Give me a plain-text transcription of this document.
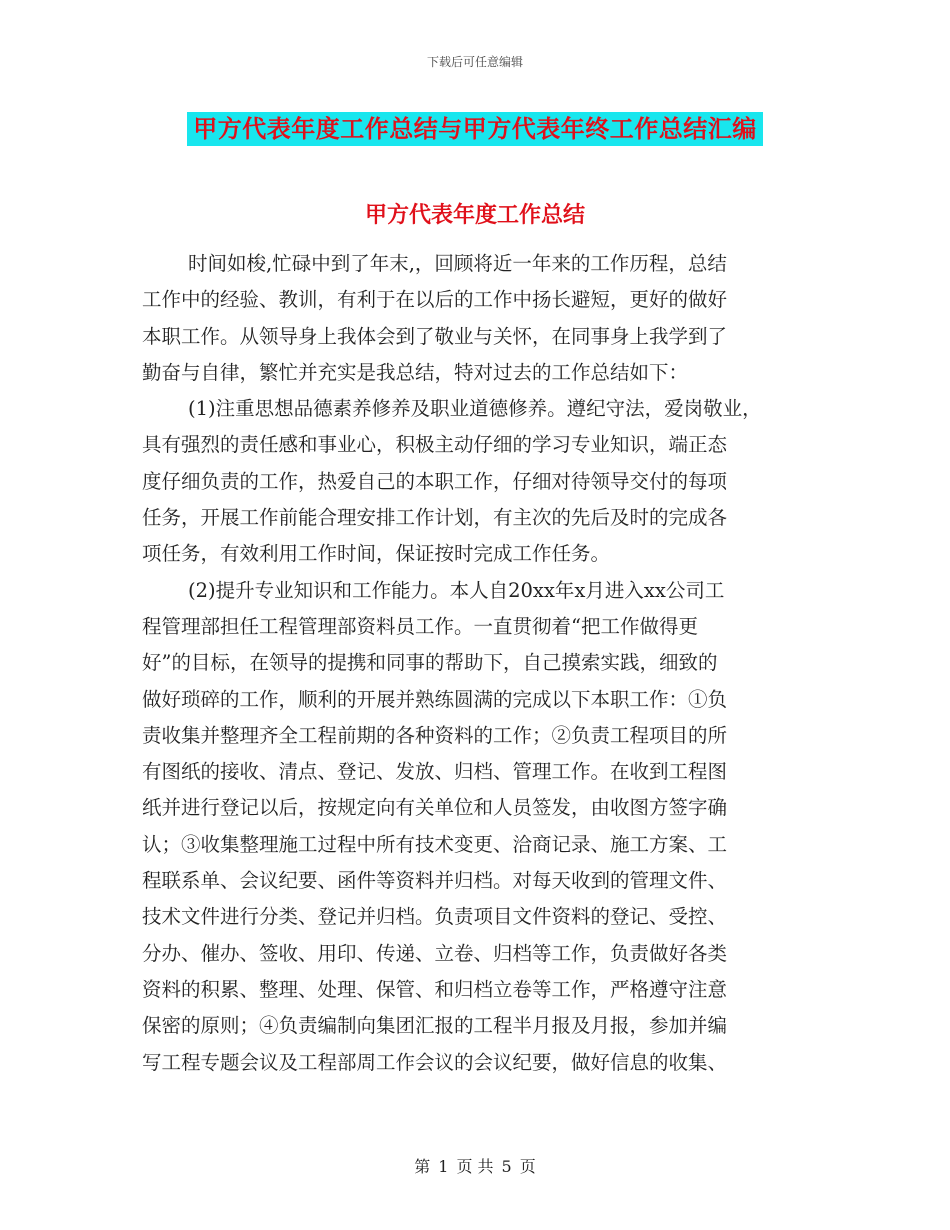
下载后可任意编辑
甲方代表年度工作总结与甲方代表年终工作总结汇编
甲方代表年度工作总结
时间如梭,忙碌中到了年末,，回顾将近一年来的工作历程，总结
工作中的经验、教训，有利于在以后的工作中扬长避短，更好的做好
本职工作。从领导身上我体会到了敬业与关怀，在同事身上我学到了
勤奋与自律，繁忙并充实是我总结，特对过去的工作总结如下：
(1)注重思想品德素养修养及职业道德修养。遵纪守法，爱岗敬业，
具有强烈的责任感和事业心，积极主动仔细的学习专业知识，端正态
度仔细负责的工作，热爱自己的本职工作，仔细对待领导交付的每项
任务，开展工作前能合理安排工作计划，有主次的先后及时的完成各
项任务，有效利用工作时间，保证按时完成工作任务。
(2)提升专业知识和工作能力。本人自20xx年x月进入xx公司工
程管理部担任工程管理部资料员工作。一直贯彻着“把工作做得更
好”的目标，在领导的提携和同事的帮助下，自己摸索实践，细致的
做好琐碎的工作，顺利的开展并熟练圆满的完成以下本职工作：①负
责收集并整理齐全工程前期的各种资料的工作；②负责工程项目的所
有图纸的接收、清点、登记、发放、归档、管理工作。在收到工程图
纸并进行登记以后，按规定向有关单位和人员签发，由收图方签字确
认；③收集整理施工过程中所有技术变更、洽商记录、施工方案、工
程联系单、会议纪要、函件等资料并归档。对每天收到的管理文件、
技术文件进行分类、登记并归档。负责项目文件资料的登记、受控、
分办、催办、签收、用印、传递、立卷、归档等工作，负责做好各类
资料的积累、整理、处理、保管、和归档立卷等工作，严格遵守注意
保密的原则；④负责编制向集团汇报的工程半月报及月报，参加并编
写工程专题会议及工程部周工作会议的会议纪要，做好信息的收集、
第 1 页 共 5 页
